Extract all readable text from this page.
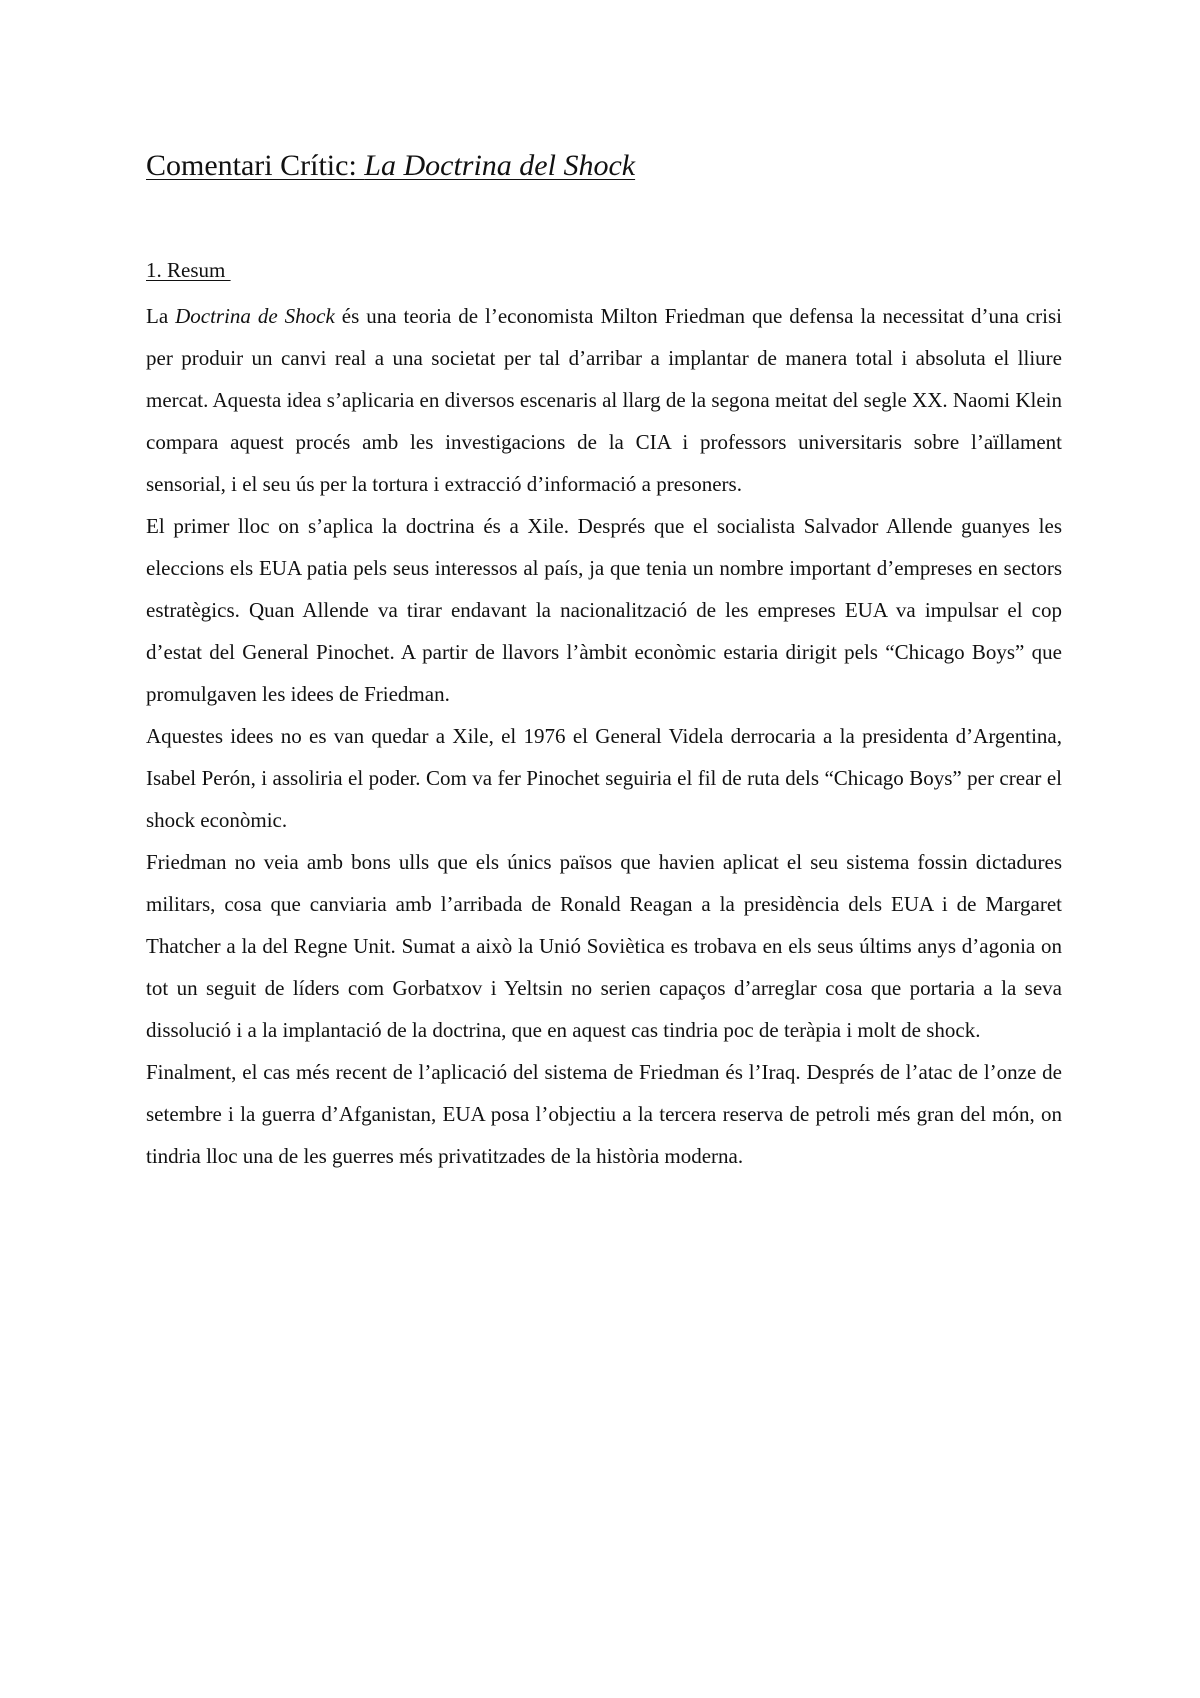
Comentari Crític: La Doctrina del Shock
1. Resum

La Doctrina de Shock és una teoria de l’economista Milton Friedman que defensa la necessitat d’una crisi per produir un canvi real a una societat per tal d’arribar a implantar de manera total i absoluta el lliure mercat. Aquesta idea s’aplicaria en diversos escenaris al llarg de la segona meitat del segle XX. Naomi Klein compara aquest procés amb les investigacions de la CIA i professors universitaris sobre l’aïllament sensorial, i el seu ús per la tortura i extracció d’informació a presoners.

El primer lloc on s’aplica la doctrina és a Xile. Després que el socialista Salvador Allende guanyes les eleccions els EUA patia pels seus interessos al país, ja que tenia un nombre important d’empreses en sectors estratègics. Quan Allende va tirar endavant la nacionalització de les empreses EUA va impulsar el cop d’estat del General Pinochet. A partir de llavors l’àmbit econòmic estaria dirigit pels “Chicago Boys” que promulgaven les idees de Friedman.

Aquestes idees no es van quedar a Xile, el 1976 el General Videla derrocaria a la presidenta d’Argentina, Isabel Perón, i assoliria el poder. Com va fer Pinochet seguiria el fil de ruta dels “Chicago Boys” per crear el shock econòmic.

Friedman no veia amb bons ulls que els únics països que havien aplicat el seu sistema fossin dictadures militars, cosa que canviaria amb l’arribada de Ronald Reagan a la presidència dels EUA i de Margaret Thatcher a la del Regne Unit. Sumat a això la Unió Soviètica es trobava en els seus últims anys d’agonia on tot un seguit de líders com Gorbatxov i Yeltsin no serien capaços d’arreglar cosa que portaria a la seva dissolució i a la implantació de la doctrina, que en aquest cas tindria poc de teràpia i molt de shock.

Finalment, el cas més recent de l’aplicació del sistema de Friedman és l’Iraq. Després de l’atac de l’onze de setembre i la guerra d’Afganistan, EUA posa l’objectiu a la tercera reserva de petroli més gran del món, on tindria lloc una de les guerres més privatitzades de la història moderna.
